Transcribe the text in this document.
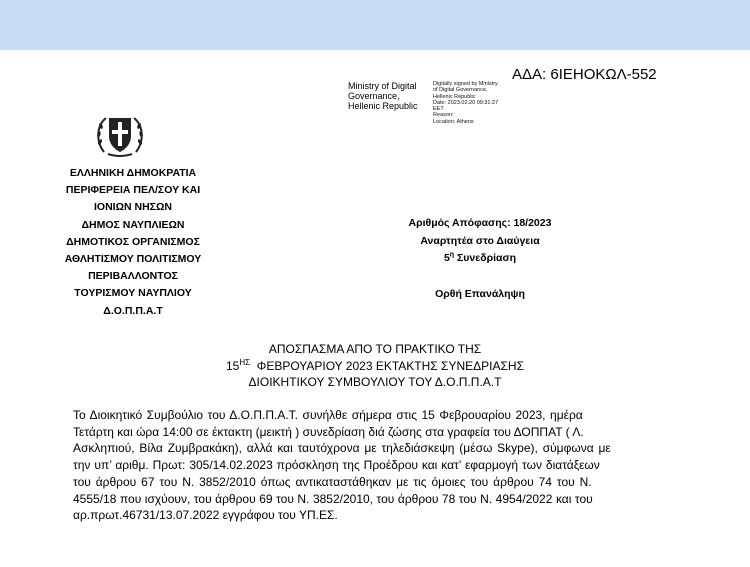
ΑΔΑ: 6ΙΕΗΟΚΩΛ-552
Ministry of Digital
Governance,
Hellenic Republic
Digitally signed by Ministry
of Digital Governance,
Hellenic Republic
Date: 2023.02.20 09:31:27
EET
Reason:
Location: Athens
ΕΛΛΗΝΙΚΗ ΔΗΜΟΚΡΑΤΙΑ
ΠΕΡΙΦΕΡΕΙΑ ΠΕΛ/ΣΟΥ ΚΑΙ
ΙΟΝΙΩΝ ΝΗΣΩΝ
ΔΗΜΟΣ ΝΑΥΠΛΙΕΩΝ
ΔΗΜΟΤΙΚΟΣ ΟΡΓΑΝΙΣΜΟΣ
ΑΘΛΗΤΙΣΜΟΥ ΠΟΛΙΤΙΣΜΟΥ
ΠΕΡΙΒΑΛΛΟΝΤΟΣ
ΤΟΥΡΙΣΜΟΥ ΝΑΥΠΛΙΟΥ
Δ.Ο.Π.Π.Α.Τ
Αριθμός Απόφασης: 18/2023
Αναρτητέα στο Διαύγεια
$5^\eta$ Συνεδρίαση
Ορθή Επανάληψη
ΑΠΟΣΠΑΣΜΑ ΑΠΟ ΤΟ ΠΡΑΚΤΙΚΟ ΤΗΣ
$15^{H\Sigma}$  ΦΕΒΡΟΥΑΡΙΟΥ 2023 ΕΚΤΑΚΤΗΣ ΣΥΝΕΔΡΙΑΣΗΣ
ΔΙΟΙΚΗΤΙΚΟΥ ΣΥΜΒΟΥΛΙΟΥ ΤΟΥ Δ.Ο.Π.Π.Α.Τ
Το Διοικητικό Συμβούλιο του Δ.Ο.Π.Π.Α.Τ. συνήλθε σήμερα στις 15 Φεβρουαρίου 2023, ημέρα
Τετάρτη και ώρα 14:00 σε έκτακτη (μεικτή ) συνεδρίαση διά ζώσης στα γραφεία του ΔΟΠΠΑΤ ( Λ.
Ασκληπιού, Βίλα Ζυμβρακάκη), αλλά και ταυτόχρονα με τηλεδιάσκεψη (μέσω Skype), σύμφωνα με
την υπ’ αριθμ. Πρωτ: 305/14.02.2023 πρόσκληση της Προέδρου και κατ’ εφαρμογή των διατάξεων
του άρθρου 67 του Ν. 3852/2010 όπως αντικαταστάθηκαν με τις όμοιες του άρθρου 74 του Ν.
4555/18 που ισχύουν, του άρθρου 69 του Ν. 3852/2010, του άρθρου 78 του Ν. 4954/2022 και του
αρ.πρωτ.46731/13.07.2022 εγγράφου του ΥΠ.ΕΣ.
